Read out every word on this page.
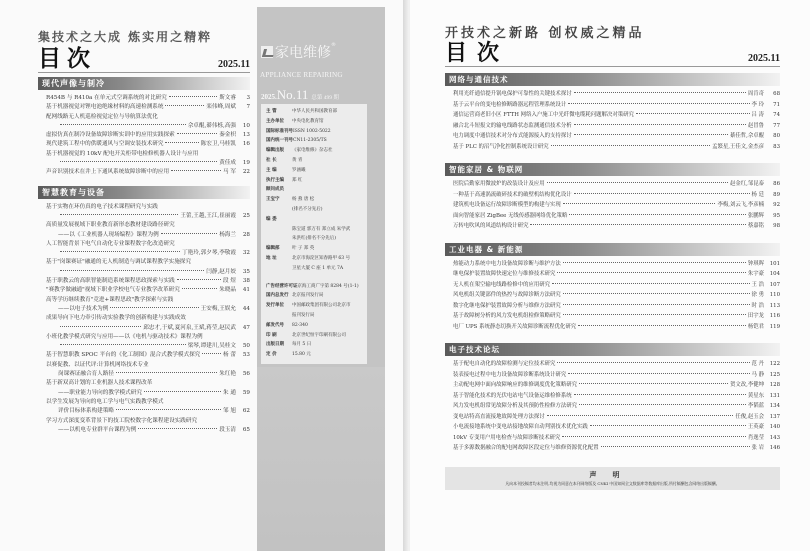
集技术之大成 炼实用之精粹
目次	2025.11
现代声像与制冷
R454B 与 R410a 在单元式空调系统的对比研究	斯文睿	3
基于机器视觉对锂电池绝缘材料的高速检测系统	栾伟峰,周斌	7
配网线路无人机巡检视觉定位与导航算法优化
佘卓醌,綦伟栎,高强	10
虚拟仿真在制冷设备故障诊断实训中的应用实践探索	秦金枳	13
现代建筑工程中的供暖通风与空调安装技术研究	陈宏卫,马桂凯	16
基于机器视觉的 10kV 配电开关柜带电检修机器人设计与应用
黄佳成	19
声音识别技术在井上下通风系统故障诊断中的应用	马 军	22
智慧教育与设备
基于实物在环仿真的电子技术课程研究与实践
王蕾,王越,王江,崔丽霞	25
高质量发展视域下职业教育新形态教材建设路径研究
——以《工业机器人现场编程》课程为例	杨海兰	28
人工智能背景下电气自动化专业课程数字化改造研究
丁艳玲,郭夕琴,李敬霞	32
基于"岗课赛证"融通的无人机制造与调试课程教学实施探究
闫静,赵月姣	35
基于职教云的高职智能制造系统课程思政探索与实践	段 煜	38
"赛教学做融通"视域下职业学校电气专业教学改革研究	朱晓晶	41
高等学历继续教育"竞进+课程思政"教学探索与实践
——以电子技术为例	王安梅,王娱允	44
成果导向下电力牵引传动实验教学的创新构建与实践成效
邱忠才,于斌,夏河泉,王斌,蒋莹,赵民武	47
小班化教学模式研究与应用——以《电机与驱动技术》课程为例
梁琴,谭建川,吴桂文	50
基于智慧职教 SPOC 平台的《化工制图》混合式教学模式探究	杨 蕾	53
以赛促教、以证代评:计算机网络技术专业
岗课赛证融合育人路径	朱红艳	56
基于新双高计划的工业机器人技术课程改革
——职业能力导向的教学模式研究	朱 通	59
以学生发展为导向的电工学与电气实践教学模式
评价目标体系构建策略	邹 旭	62
学习方式深度变革背景下的技工院校数字化课程建设实践研究
——以机电专业群平台课程为例	段玉清	65
家电维修®
APPLIANCE REPAIRING
2025.No.11 总第 499 期
主 管	中华人民共和国教育部
主办单位 中央电化教育馆
国际标准刊号ISSN 1002-5022
国内统一刊号CN11-2305/TS
编辑出版 《家电维修》杂志社
社 长	黄 青
主 编	罗涵曦
执行主编 郑 红
顾问成员
王宝宁	杨 燕 唐 松
(排名不分先后)
编 委
陈宝道 郭万有 郑立成 朱学武
朱洪红(排名不分先后)
编辑部	叶 子 郑 英
地 址	北京市海淀区知春路甲 63 号
卫星大厦 C 座 1 单元 7A
广告经营许可证京海工商广字第 8284 号(1-1)
国内总发行 北京报刊发行局
发行单位 中国邮政集团有限公司北京市
报刊发行局
邮发代号 82-340
印 刷	北京世纪恒宇印刷有限公司
出版日期 每月 5 日
定 价	15.80 元
开技术之新路 创权威之精品
目次	2025.11
网络与通信技术
利用光纤通信提升锅电保护可靠性的关键技术探讨	周肯奇	68
基于云平台的变电检修断路器远程管理系统设计	李 玲	71
通信运营商老旧小区 FTTH 网络入户施工中光纤微电缆耗问题解决对策研究	吕 涛	74
融合北斗短报文的输电线路状态监测通信技术分析	赵冒鲁	77
电力调度中通信技术对分布式能源接入的支持探讨	綦佳哲,佘卓醌	80
基于 PLC 的沼气净化控制系统设计研究	孟繁星,王佳文,金杰彦	83
智能家居 & 物联网
医院后勤家用微波炉的改装设计及应用	赵金红,邹昆泰	86
一种基于高速涡流破碎技术的破壁机结构优化设计	杨 廷	89
建筑机电设备运行故障诊断模型的构建与实现	李梅,刘云飞,李彦楠	92
面向智能家居 ZigBee 无线传感器网络优化策略	张鹏辉	95
万转电吹风的风道结构设计研究	蔡嘉铭	98
工业电器 & 新能源
热能动力系统中电力设备故障诊断与维护方法	钟琪晖	101
继电保护装置故障快速定位与维修技术研究	朱宇豪	104
无人机在架空输电线路检修中的应用研究	王 浩	107
风电机组关键部件的热控与故障诊断方法研究	徐 勇	110
数字化继电保护装置故障分析与维修方法研究	时 浩	113
基于故障树分析的风力发电机组检修策略研究	田宇龙	116
电厂 UPS 系统静态切换开关故障诊断流程优化研究	杨铠君	119
电子技术论坛
基于配电自动化的故障检测与定位技术研究	范 丹	122
装表接电过程中电力设备故障诊断系统设计研究	马 静	125
主动配电网中面向故障响应的维修调度优化策略研究	贺文改,李健坤	128
基于智能化技术的光伏电站电气设备运维检修系统	黄星东	131
风力发电机组常见故障分析及其预防性检修方法研究	李韬蓝	134
变电站特高直流接地故障处理方法探讨	任俊,赵玉会	137
小电流接地系统中变电站接地故障自动判别技术优化实践	王英豪	140
10kV 专变用户用电检查与故障诊断技术研究	肖逸莹	143
基于多源数据融合的配电网故障区段定位与维修资源优化配置	张 岩	146
声明
凡向本刊投稿者均未注明,均视为同意在本刊网络版及 CNKI 中国知网全文数据库等数据库出版,所付稿酬包含网络出版稿酬。
